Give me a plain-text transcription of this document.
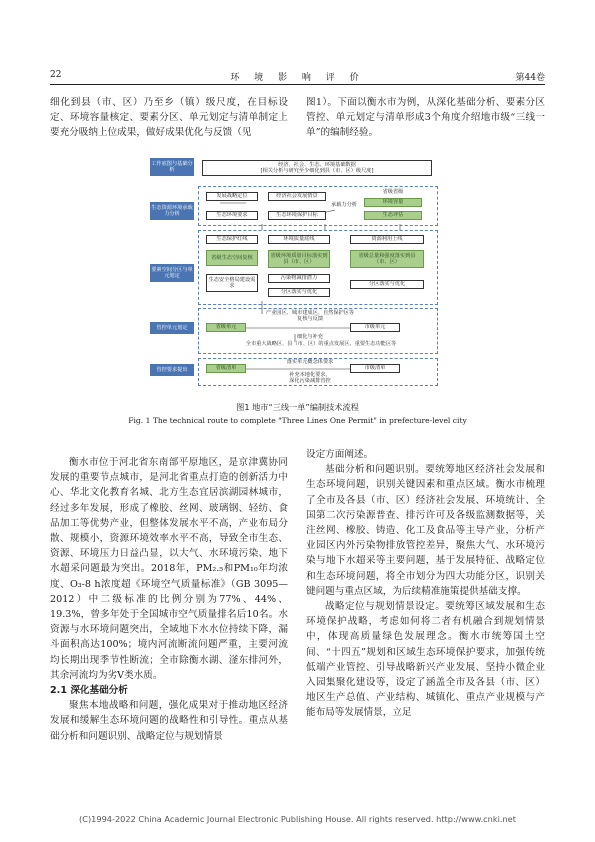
22	环 境 影 响 评 价	第44卷

细化到县（市、区）乃至乡（镇）级尺度，在目标设定、环境容量核定、要素分区、单元划定与清单制定上要充分吸纳上位成果，做好成果优化与反馈（见

图1）。下面以衡水市为例，从深化基础分析、要素分区管控、单元划定与清单形成3个角度介绍地市级“三线一单”的编制经验。

工作底图与基础分析
生态资源环境承载力分析
要素空间分区与单元划定
管控单元划定
管控要求提出
经济、社会、生态、环境基础数据
[相关分析与研究至少细化到县（市、区）级尺度]
发展战略定位	经济社会发展情景
生态环境要求	生态环境保护目标
承载力分析
省级省级
环境容量
生态评估
生态保护红线	环境质量底线	资源利用上线
省级生态空间复核	省级环境质量目标落实到县（市、区）
省级总量和强度落实到县（市、区）
生态安全格局建设需求
污染物减排潜力
分区落实与优化
分区落实与优化
产业园区、城市建成区、自然保护区等
复核与反馈
省级单元	市级单元
细化与补充
全市重大战略区、县（市、区）的重点发展区、重要生态功能区等
落实单元概念体要求
省级清单	市级清单
补充本地化要求，
深化污染减排管控
图1 地市“三线一单”编制技术流程
Fig. 1 The technical route to complete "Three Lines One Permit" in prefecture-level city

衡水市位于河北省东南部平原地区，是京津冀协同发展的重要节点城市，是河北省重点打造的创新活力中心、华北文化教育名城、北方生态宜居滨湖园林城市，经过多年发展，形成了橡胶、丝网、玻璃钢、轻纺、食品加工等优势产业，但整体发展水平不高，产业布局分散、规模小，资源环境效率水平不高，导致全市生态、资源、环境压力日益凸显，以大气、水环境污染、地下水超采问题最为突出。2018年，PM₂.₅和PM₁₀年均浓度、O₃-8 h浓度超《环境空气质量标准》（GB 3095—2012）中二级标准的比例分别为77%、44%、19.3%，曾多年处于全国城市空气质量排名后10名。水资源与水环境问题突出，全域地下水水位持续下降，漏斗面积高达100%；境内河流断流问题严重，主要河流均长期出现季节性断流；全市除衡水湖、滏东排河外，其余河流均为劣V类水质。

2.1 深化基础分析

聚焦本地战略和问题，强化成果对于推动地区经济发展和缓解生态环境问题的战略性和引导性。重点从基础分析和问题识别、战略定位与规划情景

设定方面阐述。

基础分析和问题识别。要统筹地区经济社会发展和生态环境问题，识别关键因素和重点区域。衡水市梳理了全市及各县（市、区）经济社会发展、环境统计、全国第二次污染源普查、排污许可及各级监测数据等，关注丝网、橡胶、铸造、化工及食品等主导产业，分析产业园区内外污染物排放管控差异，聚焦大气、水环境污染与地下水超采等主要问题，基于发展特征、战略定位和生态环境问题，将全市划分为四大功能分区，识别关键问题与重点区域，为后续精准施策提供基础支撑。

战略定位与规划情景设定。要统筹区域发展和生态环境保护战略，考虑如何将二者有机融合到规划情景中，体现高质量绿色发展理念。衡水市统筹国土空间、“十四五”规划和区域生态环境保护要求，加强传统低端产业管控、引导战略新兴产业发展、坚持小微企业入园集聚化建设等，设定了涵盖全市及各县（市、区）地区生产总值、产业结构、城镇化、重点产业规模与产能布局等发展情景，立足

(C)1994-2022 China Academic Journal Electronic Publishing House. All rights reserved. http://www.cnki.net
